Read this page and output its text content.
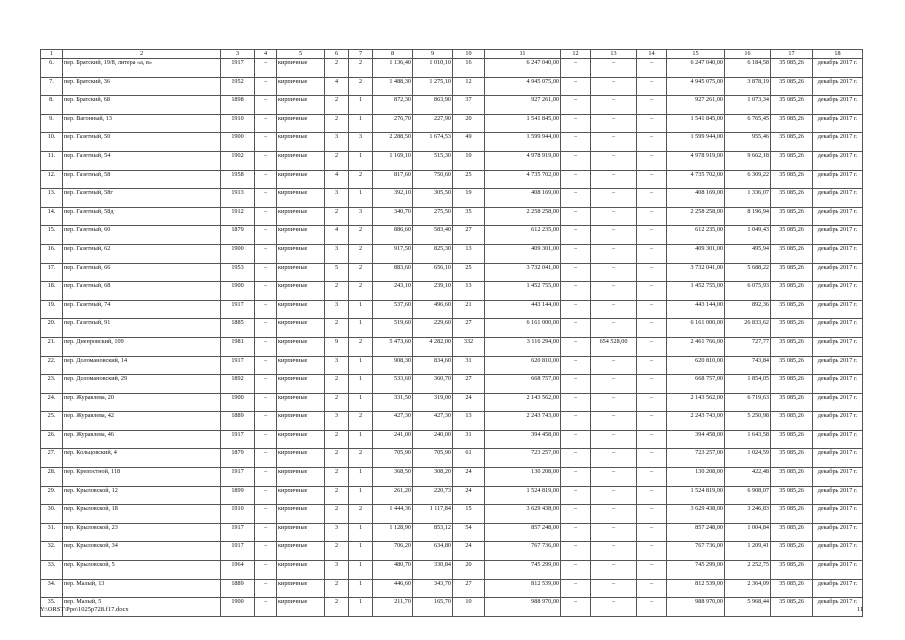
1	2	3	4	5	6	7	8	9	10	11	12	13	14	15	16	17	18
6.	пер. Братский, 19/8, литера «а, в»	1917	–	кирпичные	2	2	1 136,40	1 010,10	16	6 247 040,00	–	–	–	6 247 040,00	6 184,58	35 085,26	декабрь 2017 г.
7.	пер. Братский, 36	1952	–	кирпичные	4	2	1 488,30	1 275,10	12	4 945 075,00	–	–	–	4 945 075,00	3 878,19	35 085,26	декабрь 2017 г.
8.	пер. Братский, 68	1898	–	кирпичные	2	1	872,30	863,90	37	927 261,00	–	–	–	927 261,00	1 073,34	35 085,26	декабрь 2017 г.
9.	пер. Вагонный, 13	1910	–	кирпичные	2	1	276,70	227,90	20	1 541 845,00	–	–	–	1 541 845,00	6 765,45	35 085,26	декабрь 2017 г.
10.	пер. Газетный, 50	1900	–	кирпичные	3	3	2 288,50	1 674,53	49	1 599 944,00	–	–	–	1 599 944,00	955,46	35 085,26	декабрь 2017 г.
11.	пер. Газетный, 54	1902	–	кирпичные	2	1	1 169,10	515,30	10	4 978 919,00	–	–	–	4 978 919,00	9 662,18	35 085,26	декабрь 2017 г.
12.	пер. Газетный, 58	1958	–	кирпичные	4	2	817,60	750,60	25	4 735 702,00	–	–	–	4 735 702,00	6 309,22	35 085,26	декабрь 2017 г.
13.	пер. Газетный, 58г	1913	–	кирпичные	3	1	392,10	305,50	19	408 169,00	–	–	–	408 169,00	1 336,07	35 085,26	декабрь 2017 г.
14.	пер. Газетный, 58д	1912	–	кирпичные	2	3	340,70	275,50	35	2 258 258,00	–	–	–	2 258 258,00	8 196,94	35 085,26	декабрь 2017 г.
15.	пер. Газетный, 60	1879	–	кирпичные	4	2	886,60	583,40	27	612 235,00	–	–	–	612 235,00	1 049,43	35 085,26	декабрь 2017 г.
16.	пер. Газетный, 62	1900	–	кирпичные	3	2	917,50	825,30	13	409 301,00	–	–	–	409 301,00	495,94	35 085,26	декабрь 2017 г.
17.	пер. Газетный, 66	1953	–	кирпичные	5	2	883,60	656,10	25	3 732 041,00	–	–	–	3 732 041,00	5 688,22	35 085,26	декабрь 2017 г.
18.	пер. Газетный, 68	1900	–	кирпичные	2	2	243,10	239,10	13	1 452 755,00	–	–	–	1 452 755,00	6 075,93	35 085,26	декабрь 2017 г.
19.	пер. Газетный, 74	1917	–	кирпичные	3	1	537,60	496,60	21	443 144,00	–	–	–	443 144,00	892,36	35 085,26	декабрь 2017 г.
20.	пер. Газетный, 91	1885	–	кирпичные	2	1	519,60	229,60	27	6 161 000,00	–	–	–	6 161 000,00	26 833,62	35 085,26	декабрь 2017 г.
21.	пер. Днепровский, 109	1981	–	кирпичные	9	2	5 473,60	4 282,00	332	3 116 294,00	–	654 528,00	–	2 461 766,00	727,77	35 085,26	декабрь 2017 г.
22.	пер. Доломановский, 14	1917	–	кирпичные	3	1	908,30	834,60	31	620 810,00	–	–	–	620 810,00	743,84	35 085,26	декабрь 2017 г.
23.	пер. Доломановский, 29	1892	–	кирпичные	2	1	533,60	360,70	27	668 757,00	–	–	–	668 757,00	1 854,05	35 085,26	декабрь 2017 г.
24.	пер. Журавлева, 20	1900	–	кирпичные	2	1	331,50	319,00	24	2 143 562,00	–	–	–	2 143 562,00	6 719,63	35 085,26	декабрь 2017 г.
25.	пер. Журавлева, 42	1889	–	кирпичные	3	2	427,30	427,30	13	2 243 743,00	–	–	–	2 243 743,00	5 250,98	35 085,26	декабрь 2017 г.
26.	пер. Журавлева, 46	1917	–	кирпичные	2	1	241,00	240,00	31	394 458,00	–	–	–	394 458,00	1 643,58	35 085,26	декабрь 2017 г.
27.	пер. Кольцовский, 4	1879	–	кирпичные	2	2	705,90	705,90	61	723 257,00	–	–	–	723 257,00	1 024,59	35 085,26	декабрь 2017 г.
28.	пер. Крепостной, 118	1917	–	кирпичные	2	1	368,50	308,20	24	130 208,00	–	–	–	130 208,00	422,48	35 085,26	декабрь 2017 г.
29.	пер. Крыловской, 12	1899	–	кирпичные	2	1	261,20	220,73	24	1 524 819,00	–	–	–	1 524 819,00	6 908,07	35 085,26	декабрь 2017 г.
30.	пер. Крыловской, 18	1910	–	кирпичные	2	2	1 444,36	1 117,84	15	3 629 438,00	–	–	–	3 629 438,00	3 246,83	35 085,26	декабрь 2017 г.
31.	пер. Крыловской, 23	1917	–	кирпичные	3	1	1 128,90	853,12	54	857 248,00	–	–	–	857 248,00	1 004,84	35 085,26	декабрь 2017 г.
32.	пер. Крыловской, 34	1917	–	кирпичные	2	1	706,20	634,80	24	767 736,00	–	–	–	767 736,00	1 209,41	35 085,26	декабрь 2017 г.
33.	пер. Крыловской, 5	1964	–	кирпичные	3	1	480,70	330,84	20	745 299,00	–	–	–	745 299,00	2 252,75	35 085,26	декабрь 2017 г.
34.	пер. Малый, 13	1889	–	кирпичные	2	1	446,60	343,70	27	812 539,00	–	–	–	812 539,00	2 364,09	35 085,26	декабрь 2017 г.
35.	пер. Малый, 5	1900	–	кирпичные	2	1	211,70	165,70	10	988 970,00	–	–	–	988 970,00	5 968,44	35 085,26	декабрь 2017 г.
Y:\ORST\Ppo\1025p728.f17.docx	11
